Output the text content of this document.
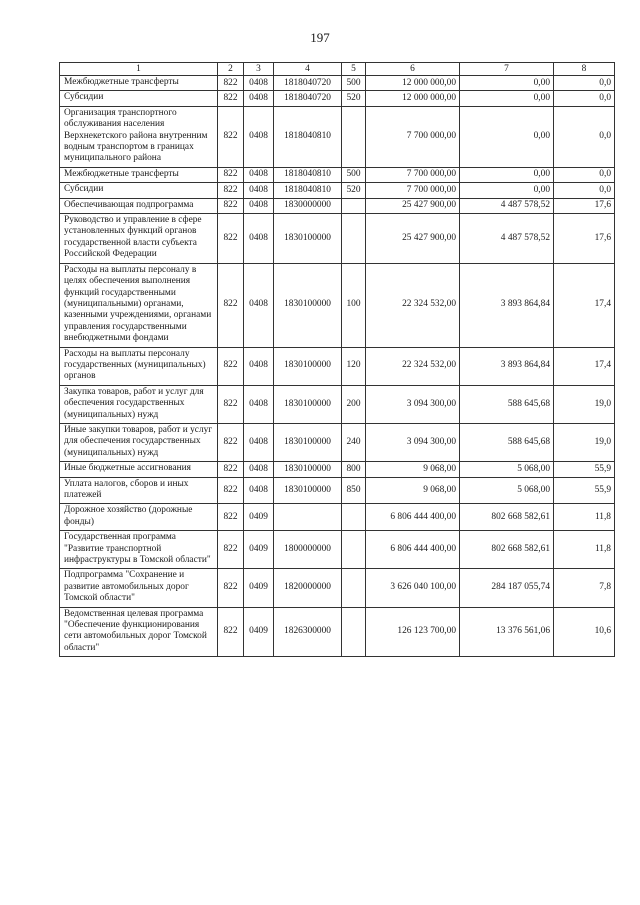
197
1	2	3	4	5	6	7	8
Межбюджетные трансферты	822	0408	1818040720	500	12 000 000,00	0,00	0,0
Субсидии	822	0408	1818040720	520	12 000 000,00	0,00	0,0
Организация транспортного обслуживания населения Верхнекетского района внутренним водным транспортом в границах муниципального района	822	0408	1818040810		7 700 000,00	0,00	0,0
Межбюджетные трансферты	822	0408	1818040810	500	7 700 000,00	0,00	0,0
Субсидии	822	0408	1818040810	520	7 700 000,00	0,00	0,0
Обеспечивающая подпрограмма	822	0408	1830000000		25 427 900,00	4 487 578,52	17,6
Руководство и управление в сфере установленных функций органов государственной власти субъекта Российской Федерации	822	0408	1830100000		25 427 900,00	4 487 578,52	17,6
Расходы на выплаты персоналу в целях обеспечения выполнения функций государственными (муниципальными) органами, казенными учреждениями, органами управления государственными внебюджетными фондами	822	0408	1830100000	100	22 324 532,00	3 893 864,84	17,4
Расходы на выплаты персоналу государственных (муниципальных) органов	822	0408	1830100000	120	22 324 532,00	3 893 864,84	17,4
Закупка товаров, работ и услуг для обеспечения государственных (муниципальных) нужд	822	0408	1830100000	200	3 094 300,00	588 645,68	19,0
Иные закупки товаров, работ и услуг для обеспечения государственных (муниципальных) нужд	822	0408	1830100000	240	3 094 300,00	588 645,68	19,0
Иные бюджетные ассигнования	822	0408	1830100000	800	9 068,00	5 068,00	55,9
Уплата налогов, сборов и иных платежей	822	0408	1830100000	850	9 068,00	5 068,00	55,9
Дорожное хозяйство (дорожные фонды)	822	0409			6 806 444 400,00	802 668 582,61	11,8
Государственная программа "Развитие транспортной инфраструктуры в Томской области"	822	0409	1800000000		6 806 444 400,00	802 668 582,61	11,8
Подпрограмма "Сохранение и развитие автомобильных дорог Томской области"	822	0409	1820000000		3 626 040 100,00	284 187 055,74	7,8
Ведомственная целевая программа "Обеспечение функционирования сети автомобильных дорог Томской области"	822	0409	1826300000		126 123 700,00	13 376 561,06	10,6
